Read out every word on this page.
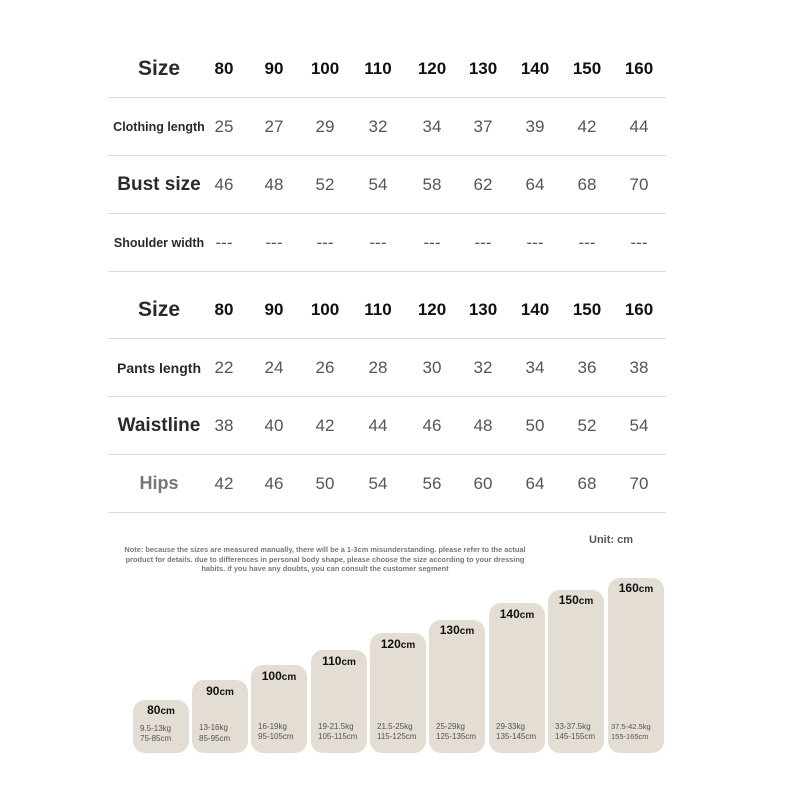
Size	80	90	100	110	120	130	140	150	160
Clothing length 25	27	29	32	34	37	39	42	44
Bust size 46	48	52	54	58	62	64	68	70
Shoulder width ---	---	---	---	---	---	---	---	---
Size	80	90	100	110	120	130	140	150	160
Pants length 22	24	26	28	30	32	34	36	38
Waistline 38	40	42	44	46	48	50	52	54
Hips	42	46	50	54	56	60	64	68	70
Unit: cm
Note: because the sizes are measured manually, there will be a 1-3cm misunderstanding. please refer to the actual product for details. due to differences in personal body shape, please choose the size according to your dressing habits. if you have any doubts, you can consult the customer segment
80cm
9.5-13kg
75-85cm
90cm
13-16kg
85-95cm
100cm
16-19kg
95-105cm
110cm
19-21.5kg
105-115cm
120cm
21.5-25kg
115-125cm
130cm
25-29kg
125-135cm
140cm
29-33kg
135-145cm
150cm
33-37.5kg
145-155cm
160cm
37.5-42.5kg
155-165cm
